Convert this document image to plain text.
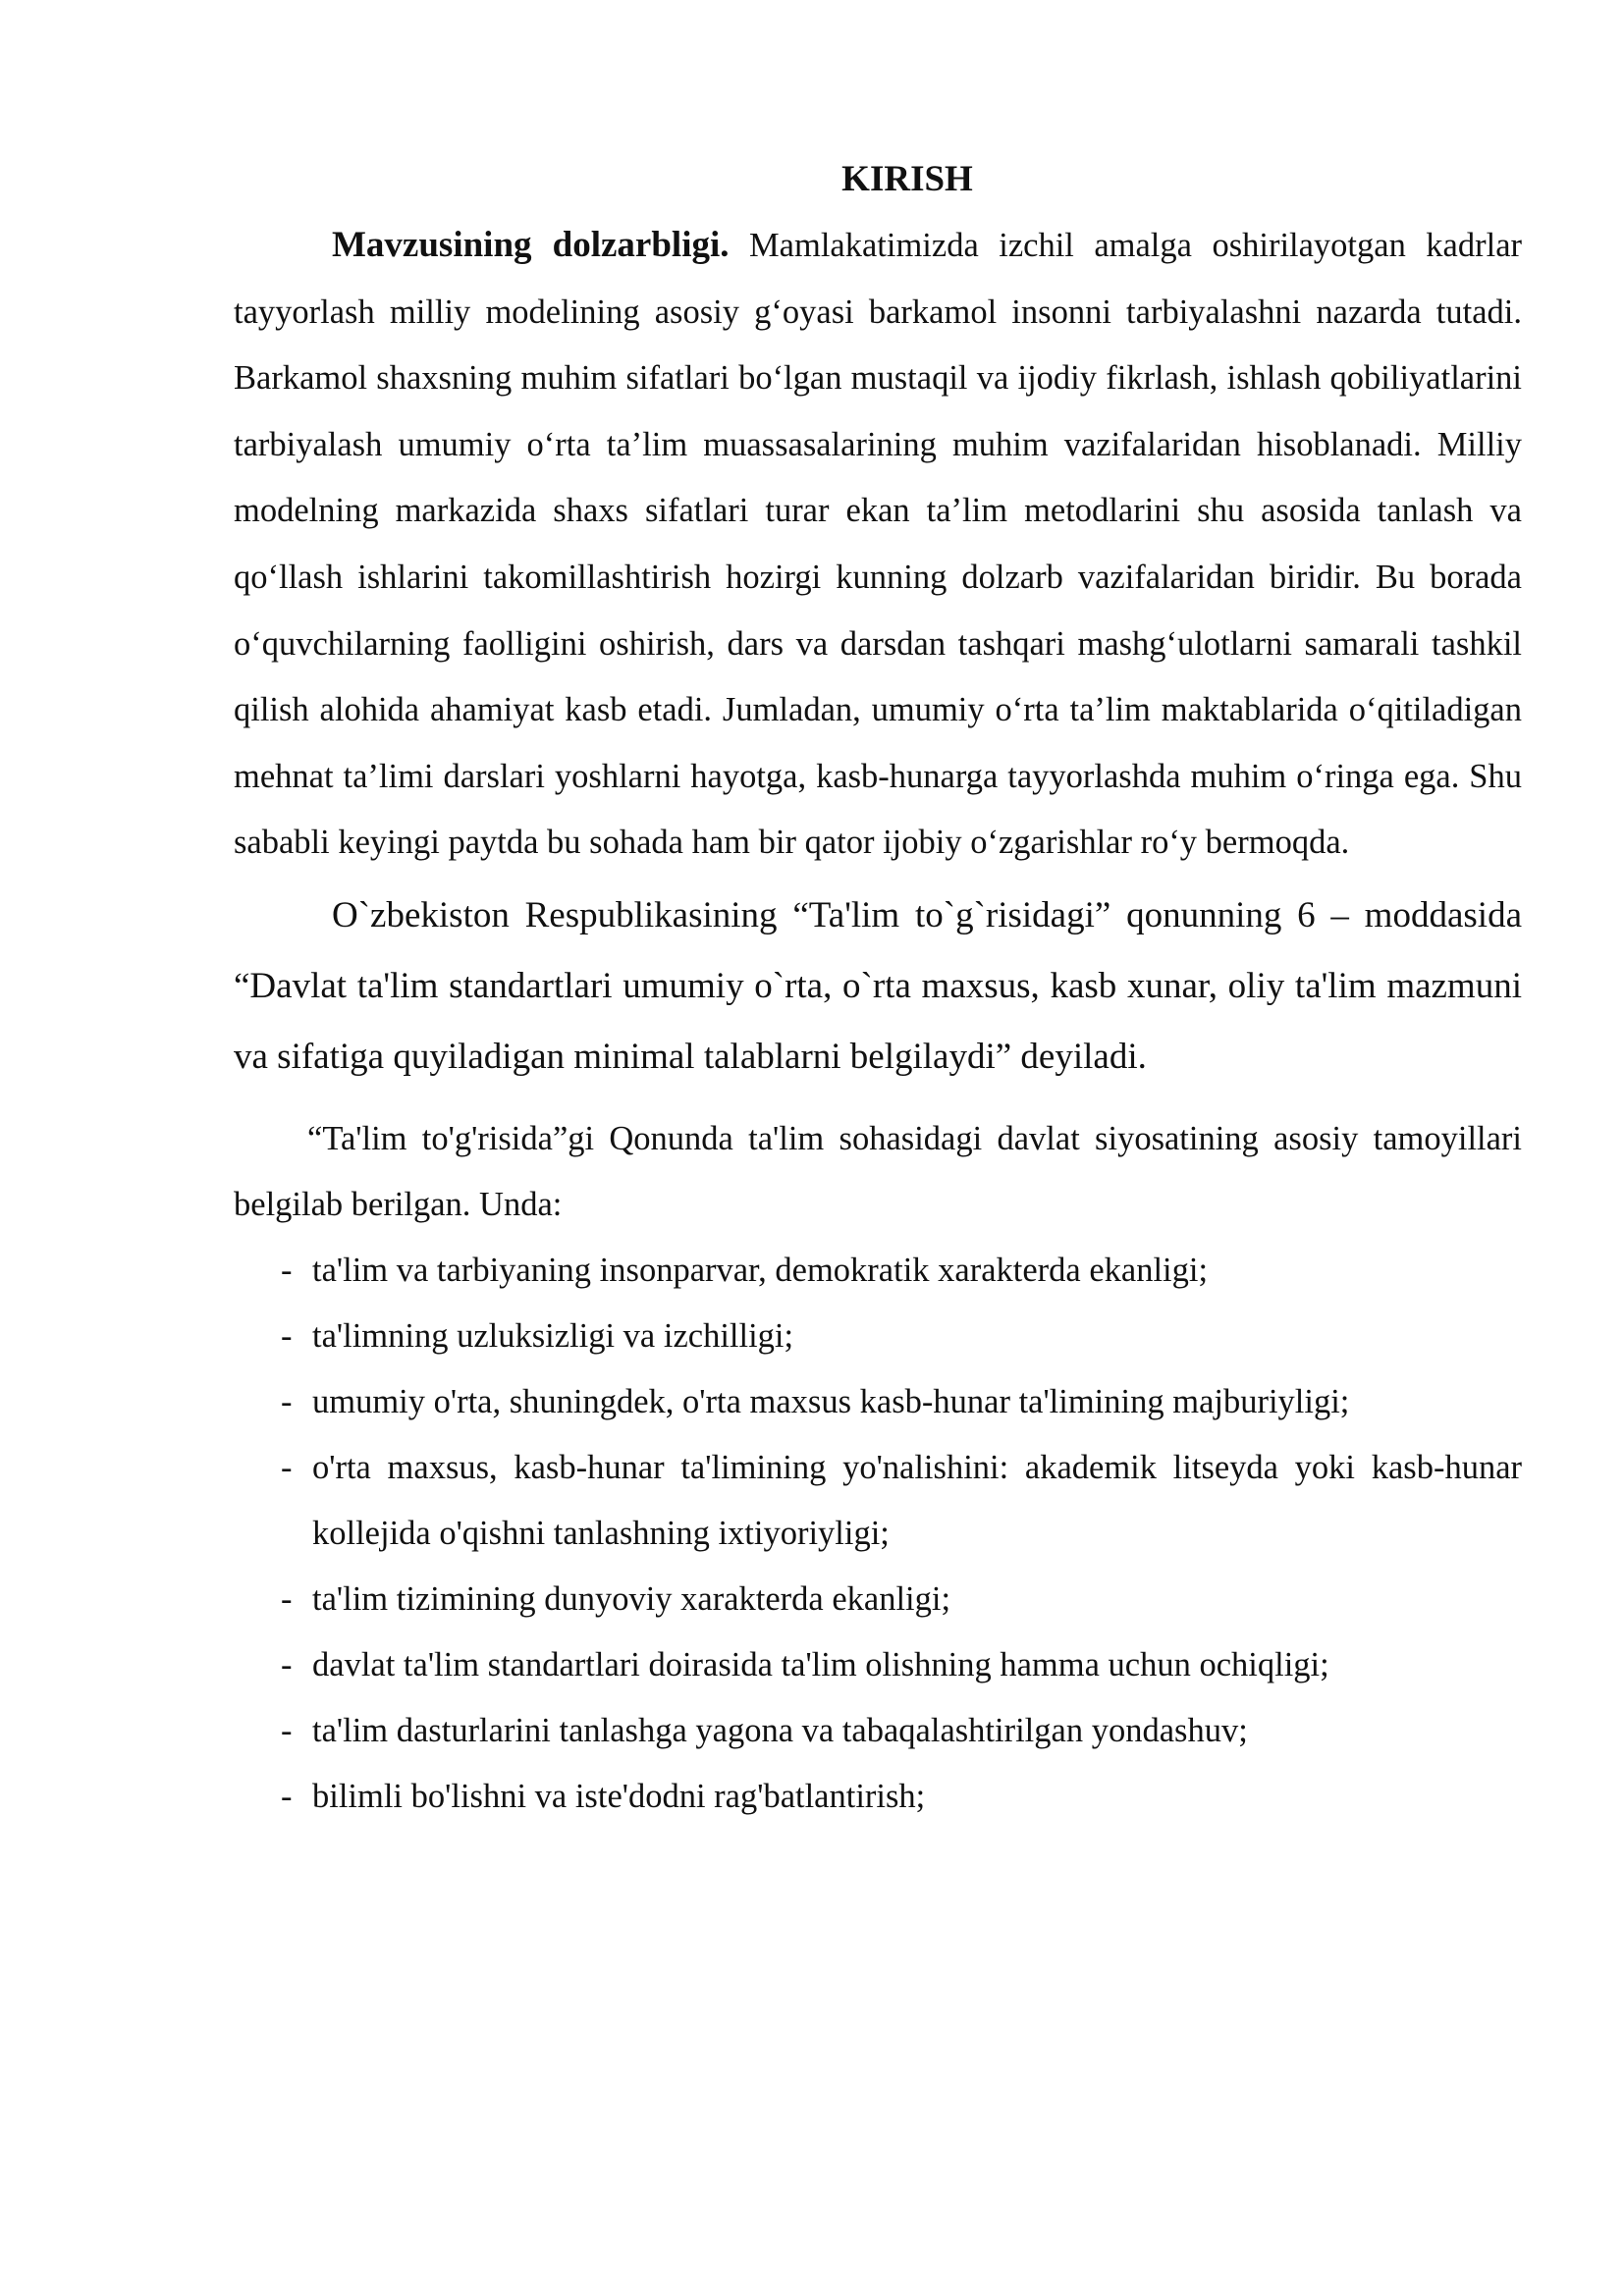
KIRISH

Mavzusining dolzarbligi. Mamlakatimizda izchil amalga oshirilayotgan kadrlar tayyorlash milliy modelining asosiy g‘oyasi barkamol insonni tarbiyalashni nazarda tutadi. Barkamol shaxsning muhim sifatlari bo‘lgan mustaqil va ijodiy fikrlash, ishlash qobiliyatlarini tarbiyalash umumiy o‘rta ta’lim muassasalarining muhim vazifalaridan hisoblanadi. Milliy modelning markazida shaxs sifatlari turar ekan ta’lim metodlarini shu asosida tanlash va qo‘llash ishlarini takomillashtirish hozirgi kunning dolzarb vazifalaridan biridir. Bu borada o‘quvchilarning faolligini oshirish, dars va darsdan tashqari mashg‘ulotlarni samarali tashkil qilish alohida ahamiyat kasb etadi. Jumladan, umumiy o‘rta ta’lim maktablarida o‘qitiladigan mehnat ta’limi darslari yoshlarni hayotga, kasb-hunarga tayyorlashda muhim o‘ringa ega. Shu sababli keyingi paytda bu sohada ham bir qator ijobiy o‘zgarishlar ro‘y bermoqda.

O`zbekiston Respublikasining “Ta'lim to`g`risidagi” qonunning 6 – moddasida “Davlat ta'lim standartlari umumiy o`rta, o`rta maxsus, kasb xunar, oliy ta'lim mazmuni va sifatiga quyiladigan minimal talablarni belgilaydi” deyiladi.

“Ta'lim to'g'risida”gi Qonunda ta'lim sohasidagi davlat siyosatining asosiy tamoyillari belgilab berilgan. Unda:

- ta'lim va tarbiyaning insonparvar, demokratik xarakterda ekanligi;
- ta'limning uzluksizligi va izchilligi;
- umumiy o'rta, shuningdek, o'rta maxsus kasb-hunar ta'limining majburiyligi;
- o'rta maxsus, kasb-hunar ta'limining yo'nalishini: akademik litseyda yoki kasb-hunar kollejida o'qishni tanlashning ixtiyoriyligi;
- ta'lim tizimining dunyoviy xarakterda ekanligi;
- davlat ta'lim standartlari doirasida ta'lim olishning hamma uchun ochiqligi;
- ta'lim dasturlarini tanlashga yagona va tabaqalashtirilgan yondashuv;
- bilimli bo'lishni va iste'dodni rag'batlantirish;
